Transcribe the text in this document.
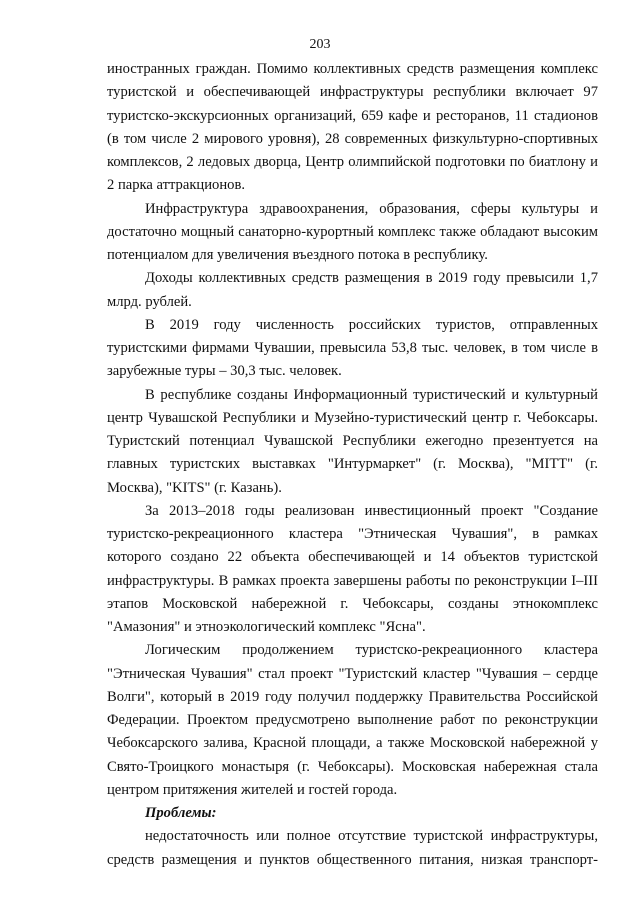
203

иностранных граждан. Помимо коллективных средств размещения комплекс туристской и обеспечивающей инфраструктуры республики включает 97 туристско-экскурсионных организаций, 659 кафе и ресторанов, 11 стадионов (в том числе 2 мирового уровня), 28 современных физкультурно-спортивных комплексов, 2 ледовых дворца, Центр олимпийской подготовки по биатлону и 2 парка аттракционов.

Инфраструктура здравоохранения, образования, сферы культуры и достаточно мощный санаторно-курортный комплекс также обладают высоким потенциалом для увеличения въездного потока в республику.

Доходы коллективных средств размещения в 2019 году превысили 1,7 млрд. рублей.

В 2019 году численность российских туристов, отправленных туристскими фирмами Чувашии, превысила 53,8 тыс. человек, в том числе в зарубежные туры – 30,3 тыс. человек.

В республике созданы Информационный туристический и культурный центр Чувашской Республики и Музейно-туристический центр г. Чебоксары. Туристский потенциал Чувашской Республики ежегодно презентуется на главных туристских выставках "Интурмаркет" (г. Москва), "MITT" (г. Москва), "KITS" (г. Казань).

За 2013–2018 годы реализован инвестиционный проект "Создание туристско-рекреационного кластера "Этническая Чувашия", в рамках которого создано 22 объекта обеспечивающей и 14 объектов туристской инфраструктуры. В рамках проекта завершены работы по реконструкции I–III этапов Московской набережной г. Чебоксары, созданы этнокомплекс "Амазония" и этноэкологический комплекс "Ясна".

Логическим продолжением туристско-рекреационного кластера "Этническая Чувашия" стал проект "Туристский кластер "Чувашия – сердце Волги", который в 2019 году получил поддержку Правительства Российской Федерации. Проектом предусмотрено выполнение работ по реконструкции Чебоксарского залива, Красной площади, а также Московской набережной у Свято-Троицкого монастыря (г. Чебоксары). Московская набережная стала центром притяжения жителей и гостей города.

Проблемы:

недостаточность или полное отсутствие туристской инфраструктуры, средств размещения и пунктов общественного питания, низкая транспорт-
